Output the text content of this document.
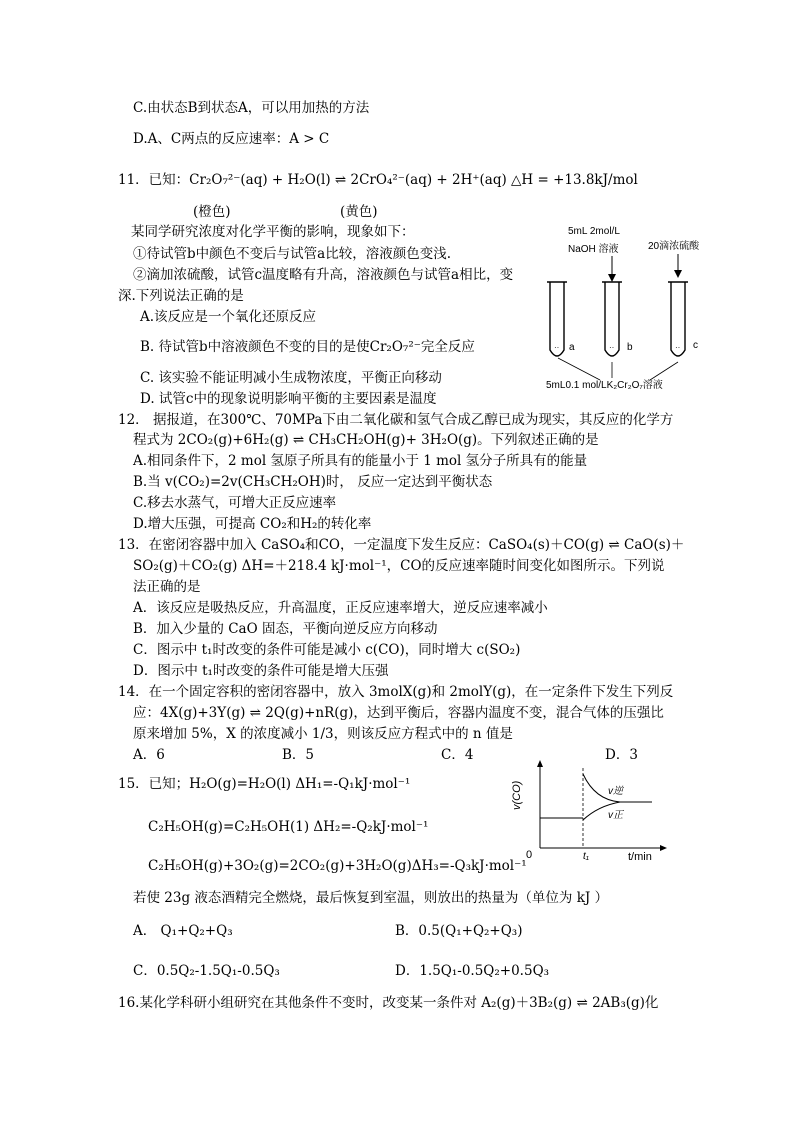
C.由状态B到状态A，可以用加热的方法
D.A、C两点的反应速率：A > C
11．已知：Cr₂O₇²⁻(aq) + H₂O(l) ⇌ 2CrO₄²⁻(aq) + 2H⁺(aq) △H = +13.8kJ/mol
(橙色)	(黄色)
某同学研究浓度对化学平衡的影响，现象如下：
①待试管b中颜色不变后与试管a比较，溶液颜色变浅.
②滴加浓硫酸，试管c温度略有升高，溶液颜色与试管a相比，变
深.下列说法正确的是
A.该反应是一个氧化还原反应
B. 待试管b中溶液颜色不变的目的是使Cr₂O₇²⁻完全反应
C. 该实验不能证明减小生成物浓度，平衡正向移动
D. 试管c中的现象说明影响平衡的主要因素是温度
5mL 2mol/L
NaOH 溶液	20滴浓硫酸
··	··	··
a	b	c
5mL0.1 mol/LK₂Cr₂O₇溶液
12． 据报道，在300℃、70MPa下由二氧化碳和氢气合成乙醇已成为现实，其反应的化学方
程式为 2CO₂(g)+6H₂(g) ⇌ CH₃CH₂OH(g)+ 3H₂O(g)。下列叙述正确的是
A.相同条件下，2 mol 氢原子所具有的能量小于 1 mol 氢分子所具有的能量
B.当 v(CO₂)=2v(CH₃CH₂OH)时， 反应一定达到平衡状态
C.移去水蒸气，可增大正反应速率
D.增大压强，可提高 CO₂和H₂的转化率
13．在密闭容器中加入 CaSO₄和CO，一定温度下发生反应：CaSO₄(s)＋CO(g) ⇌ CaO(s)＋
SO₂(g)＋CO₂(g) ΔH=＋218.4 kJ·mol⁻¹，CO的反应速率随时间变化如图所示。下列说
法正确的是
A．该反应是吸热反应，升高温度，正反应速率增大，逆反应速率减小
B．加入少量的 CaO 固态，平衡向逆反应方向移动
C．图示中 t₁时改变的条件可能是减小 c(CO)，同时增大 c(SO₂)
D．图示中 t₁时改变的条件可能是增大压强
14．在一个固定容积的密闭容器中，放入 3molX(g)和 2molY(g)，在一定条件下发生下列反
应：4X(g)+3Y(g) ⇌ 2Q(g)+nR(g)，达到平衡后，容器内温度不变，混合气体的压强比
原来增加 5%，X 的浓度减小 1/3，则该反应方程式中的 n 值是
A．6	B．5	C．4	D．3
15．已知；H₂O(g)=H₂O(l) ΔH₁=-Q₁kJ·mol⁻¹
C₂H₅OH(g)=C₂H₅OH(1) ΔH₂=-Q₂kJ·mol⁻¹
C₂H₅OH(g)+3O₂(g)=2CO₂(g)+3H₂O(g)ΔH₃=-Q₃kJ·mol⁻¹
若使 23g 液态酒精完全燃烧，最后恢复到室温，则放出的热量为（单位为 kJ ）
A． Q₁+Q₂+Q₃	B．0.5(Q₁+Q₂+Q₃)
C．0.5Q₂-1.5Q₁-0.5Q₃	D．1.5Q₁-0.5Q₂+0.5Q₃
v(CO)
t/min
0	t₁
v逆
v正
16.某化学科研小组研究在其他条件不变时，改变某一条件对 A₂(g)＋3B₂(g) ⇌ 2AB₃(g)化
